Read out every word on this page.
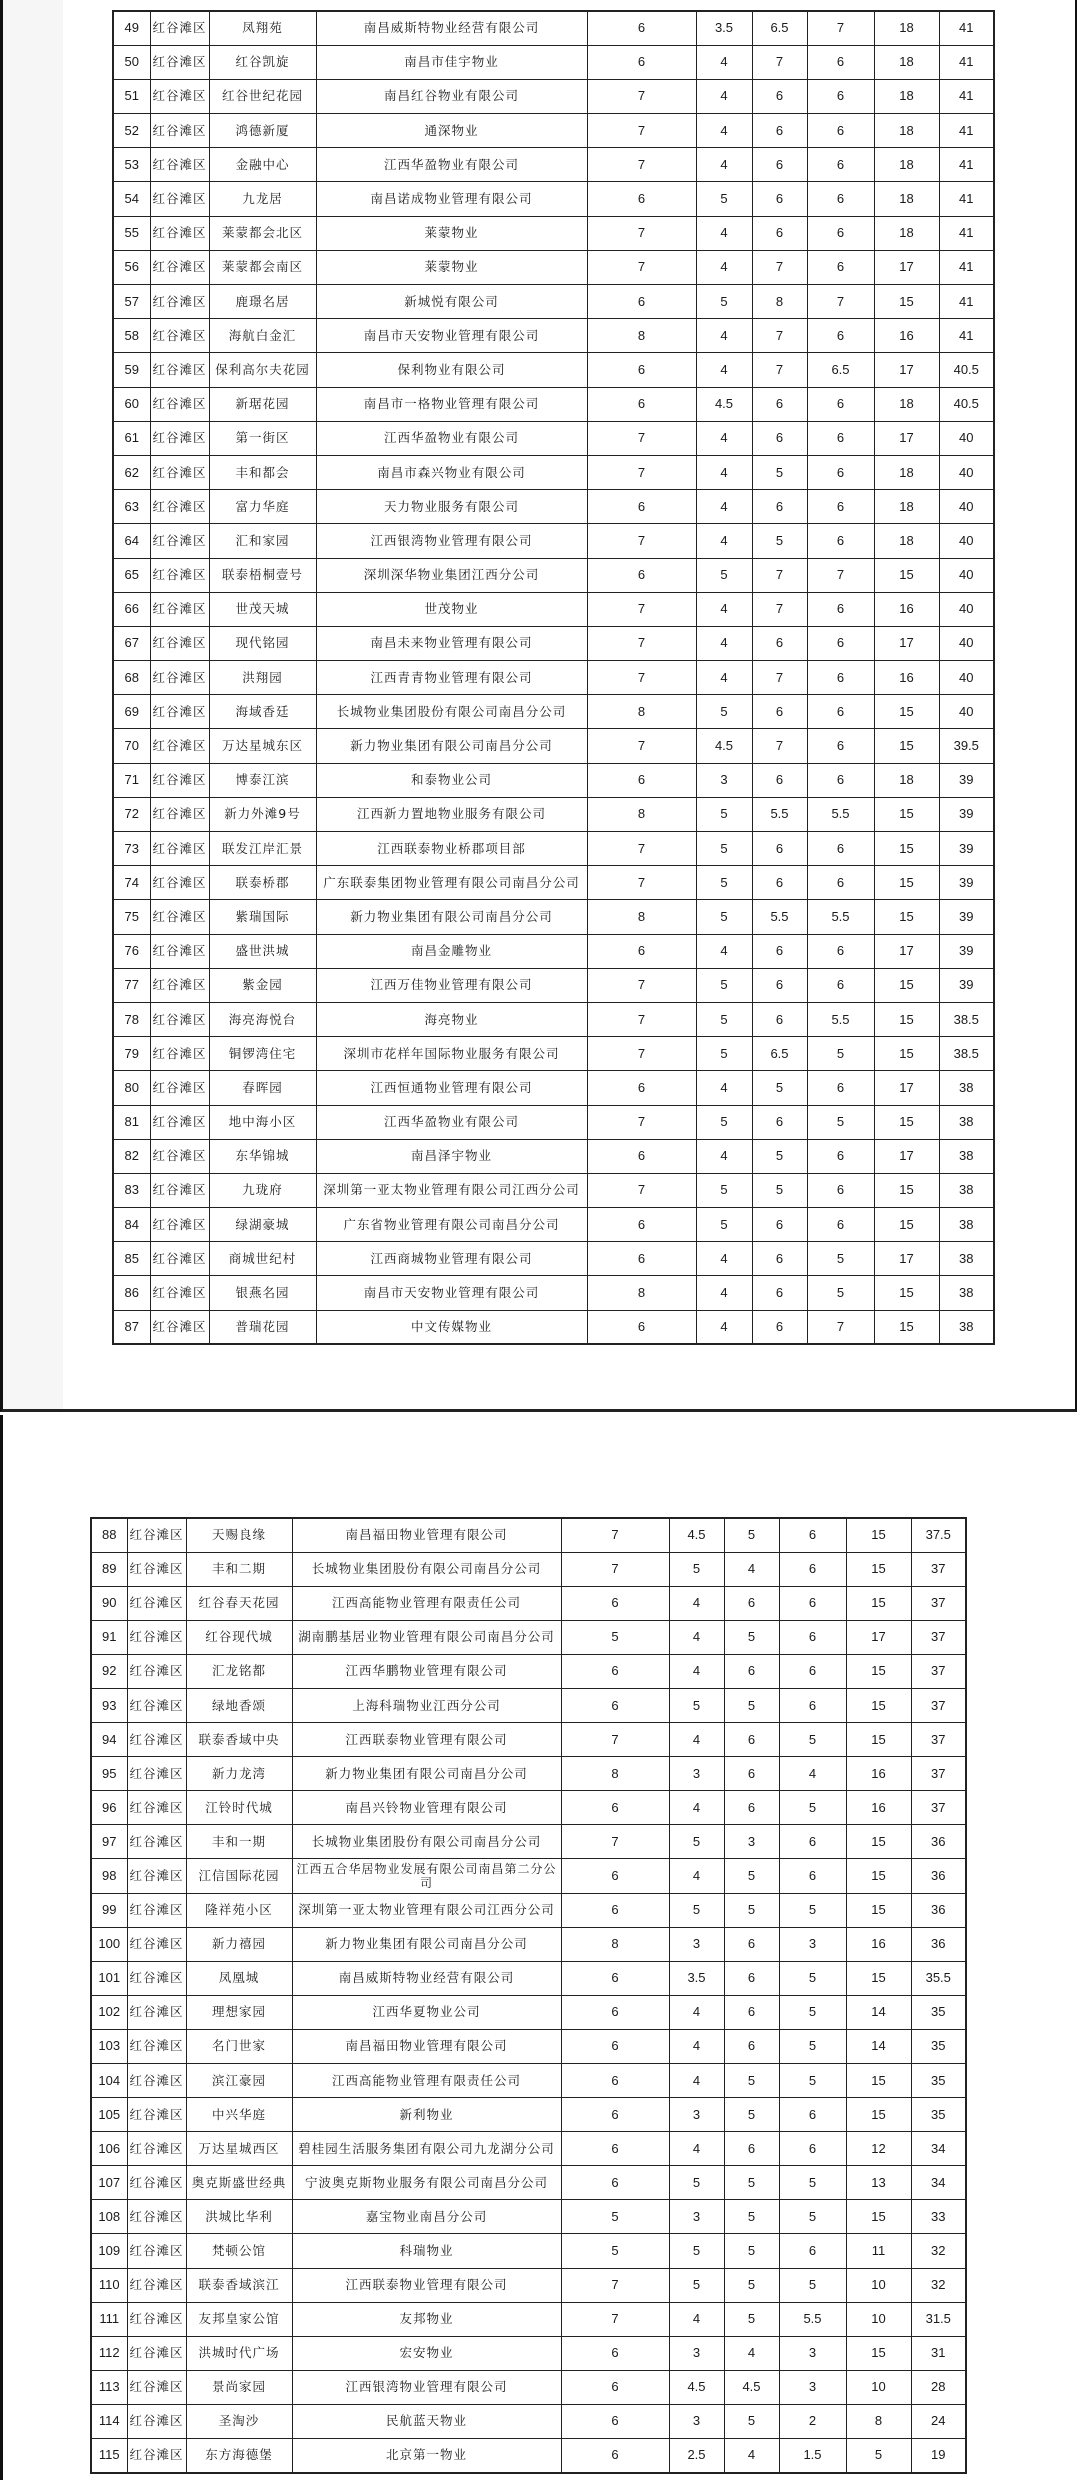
49	红谷滩区	凤翔苑	南昌威斯特物业经营有限公司	6	3.5	6.5	7	18	41
50	红谷滩区	红谷凯旋	南昌市佳宇物业	6	4	7	6	18	41
51	红谷滩区	红谷世纪花园	南昌红谷物业有限公司	7	4	6	6	18	41
52	红谷滩区	鸿德新厦	通深物业	7	4	6	6	18	41
53	红谷滩区	金融中心	江西华盈物业有限公司	7	4	6	6	18	41
54	红谷滩区	九龙居	南昌诺成物业管理有限公司	6	5	6	6	18	41
55	红谷滩区	莱蒙都会北区	莱蒙物业	7	4	6	6	18	41
56	红谷滩区	莱蒙都会南区	莱蒙物业	7	4	7	6	17	41
57	红谷滩区	鹿璟名居	新城悦有限公司	6	5	8	7	15	41
58	红谷滩区	海航白金汇	南昌市天安物业管理有限公司	8	4	7	6	16	41
59	红谷滩区	保利高尔夫花园	保利物业有限公司	6	4	7	6.5	17	40.5
60	红谷滩区	新琚花园	南昌市一格物业管理有限公司	6	4.5	6	6	18	40.5
61	红谷滩区	第一街区	江西华盈物业有限公司	7	4	6	6	17	40
62	红谷滩区	丰和都会	南昌市森兴物业有限公司	7	4	5	6	18	40
63	红谷滩区	富力华庭	天力物业服务有限公司	6	4	6	6	18	40
64	红谷滩区	汇和家园	江西银湾物业管理有限公司	7	4	5	6	18	40
65	红谷滩区	联泰梧桐壹号	深圳深华物业集团江西分公司	6	5	7	7	15	40
66	红谷滩区	世茂天城	世茂物业	7	4	7	6	16	40
67	红谷滩区	现代铭园	南昌未来物业管理有限公司	7	4	6	6	17	40
68	红谷滩区	洪翔园	江西青青物业管理有限公司	7	4	7	6	16	40
69	红谷滩区	海域香廷	长城物业集团股份有限公司南昌分公司	8	5	6	6	15	40
70	红谷滩区	万达星城东区	新力物业集团有限公司南昌分公司	7	4.5	7	6	15	39.5
71	红谷滩区	博泰江滨	和泰物业公司	6	3	6	6	18	39
72	红谷滩区	新力外滩9号	江西新力置地物业服务有限公司	8	5	5.5	5.5	15	39
73	红谷滩区	联发江岸汇景	江西联泰物业桥郡项目部	7	5	6	6	15	39
74	红谷滩区	联泰桥郡	广东联泰集团物业管理有限公司南昌分公司	7	5	6	6	15	39
75	红谷滩区	紫瑞国际	新力物业集团有限公司南昌分公司	8	5	5.5	5.5	15	39
76	红谷滩区	盛世洪城	南昌金雕物业	6	4	6	6	17	39
77	红谷滩区	紫金园	江西万佳物业管理有限公司	7	5	6	6	15	39
78	红谷滩区	海亮海悦台	海亮物业	7	5	6	5.5	15	38.5
79	红谷滩区	铜锣湾住宅	深圳市花样年国际物业服务有限公司	7	5	6.5	5	15	38.5
80	红谷滩区	春晖园	江西恒通物业管理有限公司	6	4	5	6	17	38
81	红谷滩区	地中海小区	江西华盈物业有限公司	7	5	6	5	15	38
82	红谷滩区	东华锦城	南昌泽宇物业	6	4	5	6	17	38
83	红谷滩区	九珑府	深圳第一亚太物业管理有限公司江西分公司	7	5	5	6	15	38
84	红谷滩区	绿湖豪城	广东省物业管理有限公司南昌分公司	6	5	6	6	15	38
85	红谷滩区	商城世纪村	江西商城物业管理有限公司	6	4	6	5	17	38
86	红谷滩区	银燕名园	南昌市天安物业管理有限公司	8	4	6	5	15	38
87	红谷滩区	普瑞花园	中文传媒物业	6	4	6	7	15	38
88	红谷滩区	天赐良缘	南昌福田物业管理有限公司	7	4.5	5	6	15	37.5
89	红谷滩区	丰和二期	长城物业集团股份有限公司南昌分公司	7	5	4	6	15	37
90	红谷滩区	红谷春天花园	江西高能物业管理有限责任公司	6	4	6	6	15	37
91	红谷滩区	红谷现代城	湖南鹏基居业物业管理有限公司南昌分公司	5	4	5	6	17	37
92	红谷滩区	汇龙铭都	江西华鹏物业管理有限公司	6	4	6	6	15	37
93	红谷滩区	绿地香颂	上海科瑞物业江西分公司	6	5	5	6	15	37
94	红谷滩区	联泰香域中央	江西联泰物业管理有限公司	7	4	6	5	15	37
95	红谷滩区	新力龙湾	新力物业集团有限公司南昌分公司	8	3	6	4	16	37
96	红谷滩区	江铃时代城	南昌兴铃物业管理有限公司	6	4	6	5	16	37
97	红谷滩区	丰和一期	长城物业集团股份有限公司南昌分公司	7	5	3	6	15	36
98	红谷滩区	江信国际花园	江西五合华居物业发展有限公司南昌第二分公司	6	4	5	6	15	36
99	红谷滩区	隆祥苑小区	深圳第一亚太物业管理有限公司江西分公司	6	5	5	5	15	36
100	红谷滩区	新力禧园	新力物业集团有限公司南昌分公司	8	3	6	3	16	36
101	红谷滩区	凤凰城	南昌威斯特物业经营有限公司	6	3.5	6	5	15	35.5
102	红谷滩区	理想家园	江西华夏物业公司	6	4	6	5	14	35
103	红谷滩区	名门世家	南昌福田物业管理有限公司	6	4	6	5	14	35
104	红谷滩区	滨江豪园	江西高能物业管理有限责任公司	6	4	5	5	15	35
105	红谷滩区	中兴华庭	新利物业	6	3	5	6	15	35
106	红谷滩区	万达星城西区	碧桂园生活服务集团有限公司九龙湖分公司	6	4	6	6	12	34
107	红谷滩区	奥克斯盛世经典	宁波奥克斯物业服务有限公司南昌分公司	6	5	5	5	13	34
108	红谷滩区	洪城比华利	嘉宝物业南昌分公司	5	3	5	5	15	33
109	红谷滩区	梵顿公馆	科瑞物业	5	5	5	6	11	32
110	红谷滩区	联泰香域滨江	江西联泰物业管理有限公司	7	5	5	5	10	32
111	红谷滩区	友邦皇家公馆	友邦物业	7	4	5	5.5	10	31.5
112	红谷滩区	洪城时代广场	宏安物业	6	3	4	3	15	31
113	红谷滩区	景尚家园	江西银湾物业管理有限公司	6	4.5	4.5	3	10	28
114	红谷滩区	圣淘沙	民航蓝天物业	6	3	5	2	8	24
115	红谷滩区	东方海德堡	北京第一物业	6	2.5	4	1.5	5	19
